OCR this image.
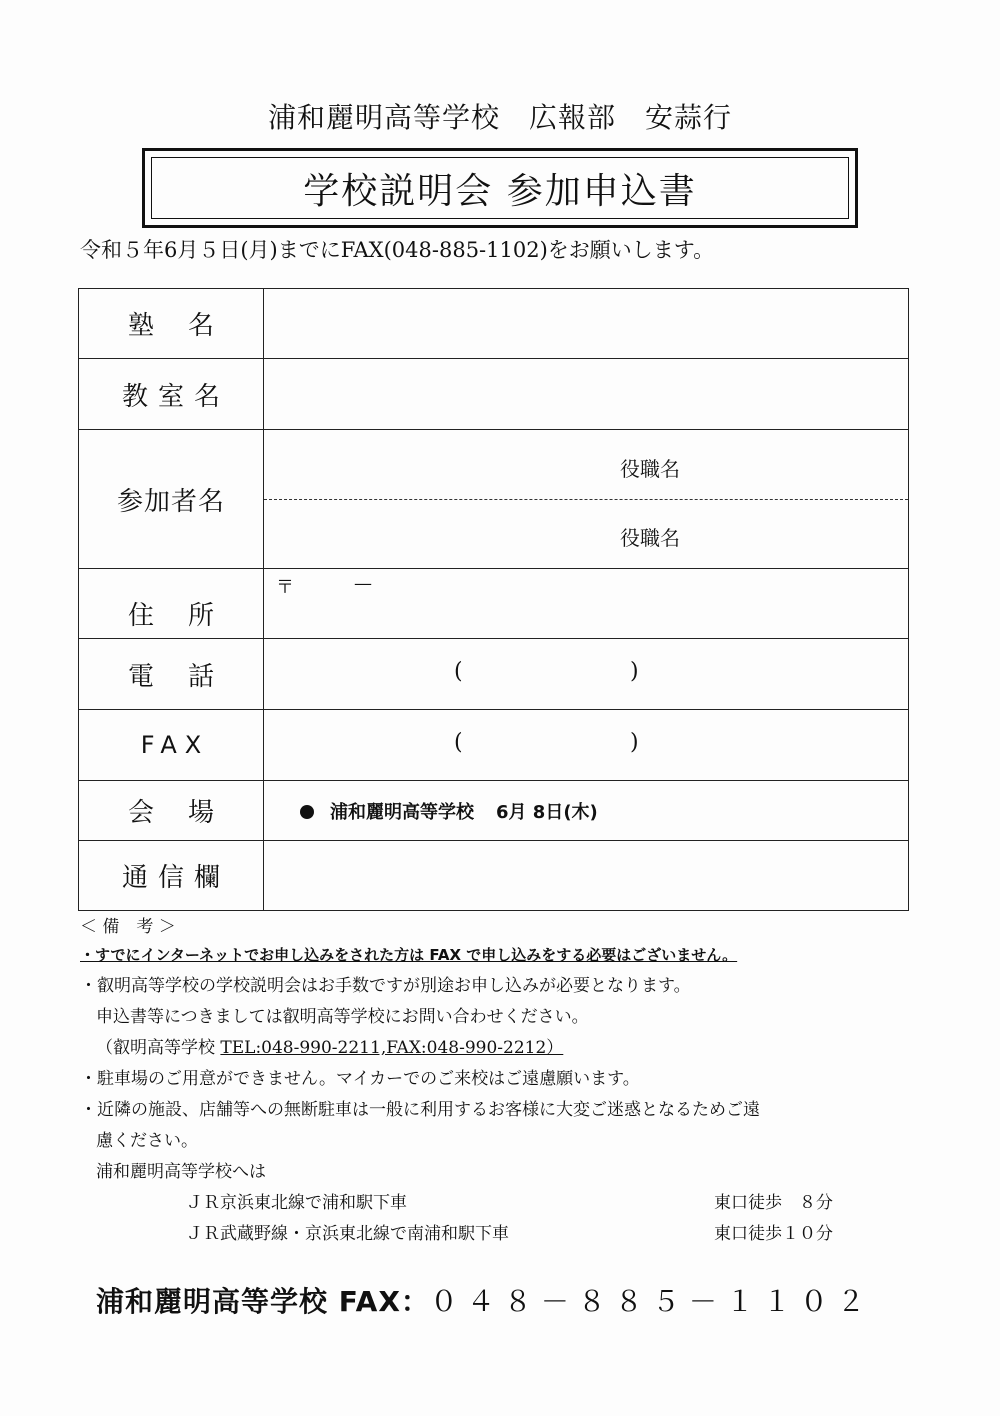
浦和麗明高等学校　広報部　安蒜行
学校説明会 参加申込書
令和５年6月５日(月)までにFAX(048-885-1102)をお願いします。
塾名	
教室名	
参加者名	役職名
役職名

住所	〒 —

電話	( )

FAX	( )

会場	浦和麗明高等学校 6月 8日(木)

通信欄	
＜ 備　考 ＞
・すでにインターネットでお申し込みをされた方は FAX で申し込みをする必要はございません。
・叡明高等学校の学校説明会はお手数ですが別途お申し込みが必要となります。
申込書等につきましては叡明高等学校にお問い合わせください。
（叡明高等学校 TEL:048-990-2211,FAX:048-990-2212）
・駐車場のご用意ができません。マイカーでのご来校はご遠慮願います。
・近隣の施設、店舗等への無断駐車は一般に利用するお客様に大変ご迷惑となるためご遠
慮ください。
浦和麗明高等学校へは
ＪＲ京浜東北線で浦和駅下車	東口徒歩　８分
ＪＲ武蔵野線・京浜東北線で南浦和駅下車	東口徒歩１０分
浦和麗明高等学校 FAX：０４８－８８５－１１０２
